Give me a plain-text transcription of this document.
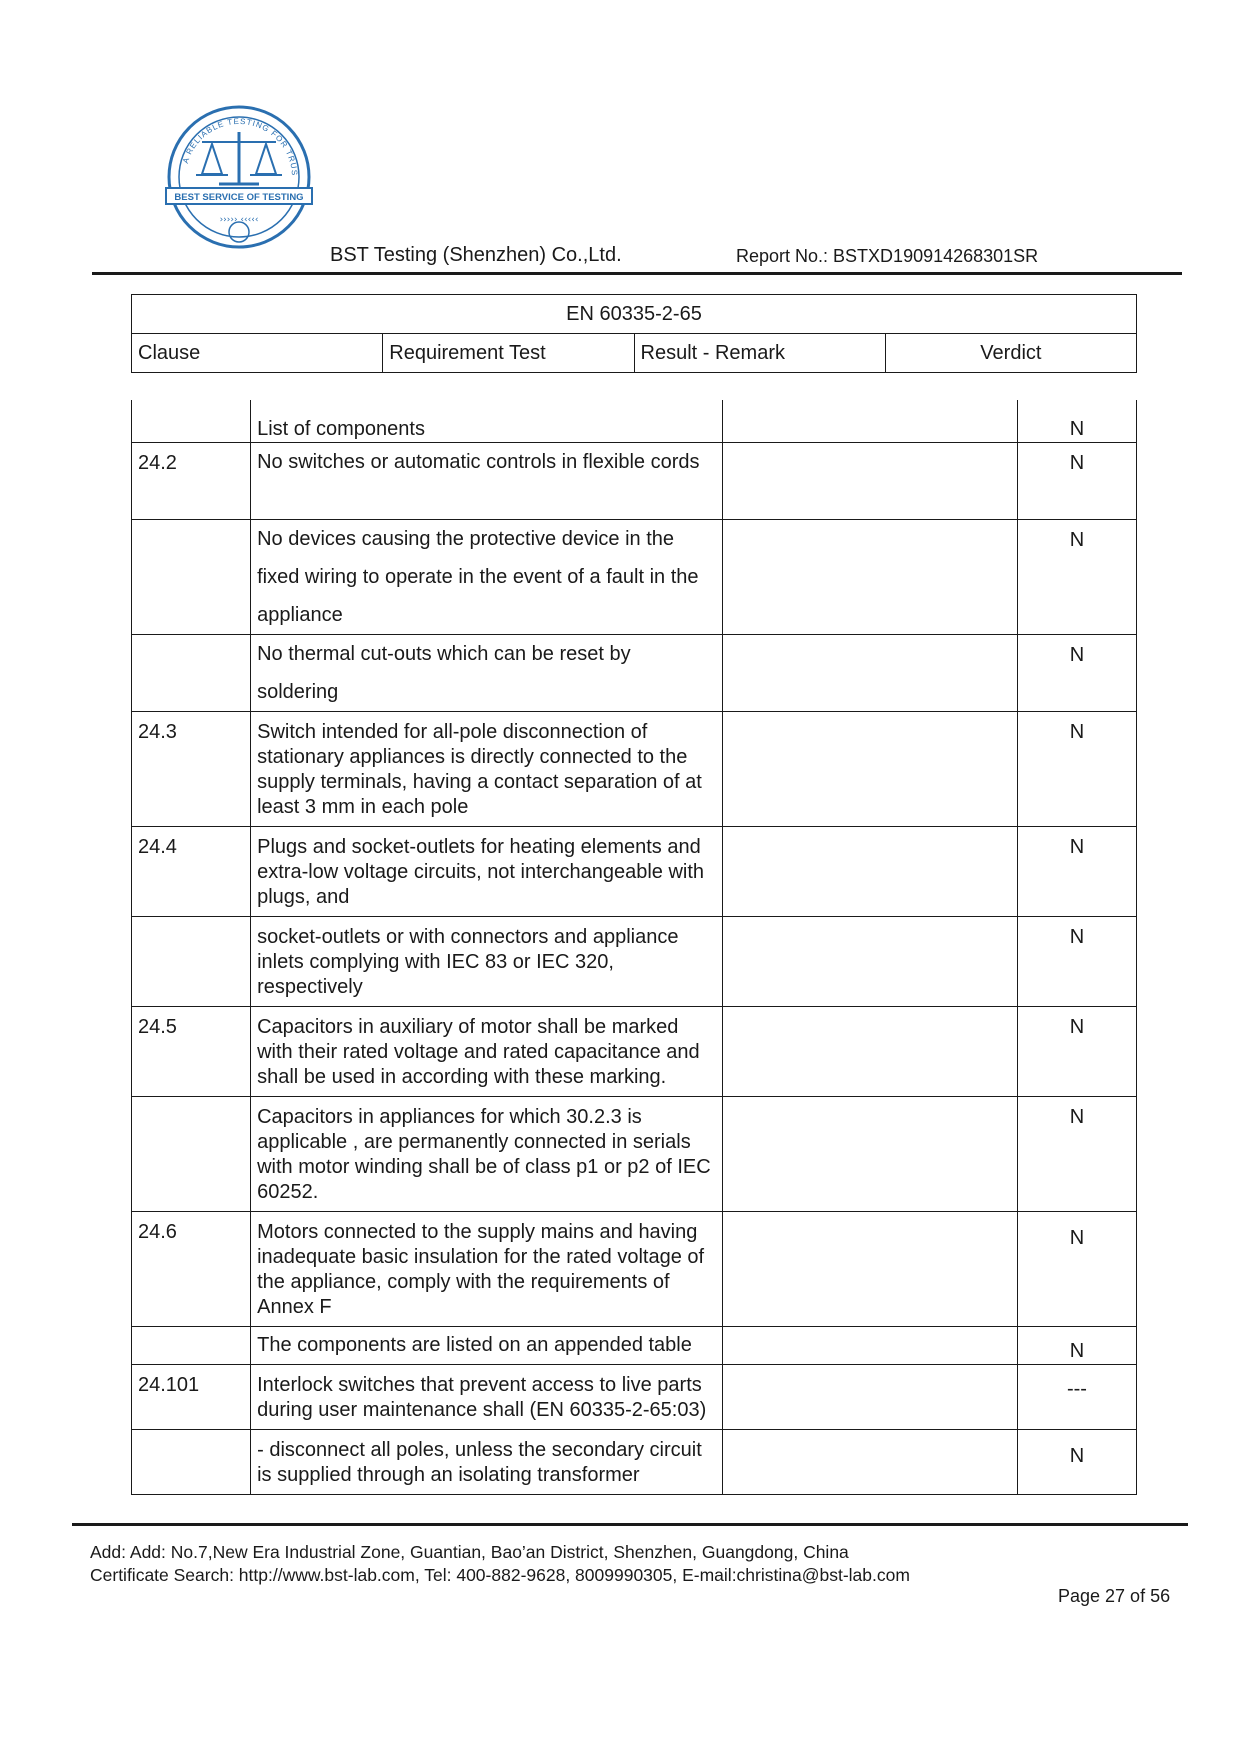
A RELIABLE TESTING FOR TRUS
BEST SERVICE OF TESTING
››››› ‹‹‹‹‹
BST Testing (Shenzhen) Co.,Ltd.	Report No.: BSTXD190914268301SR
EN 60335-2-65
Clause	Requirement Test	Result - Remark	Verdict
	List of components		N
24.2	No switches or automatic controls in flexible cords		N
	No devices causing the protective device in the fixed wiring to operate in the event of a fault in the appliance		N
	No thermal cut-outs which can be reset by soldering		N
24.3	Switch intended for all-pole disconnection of stationary appliances is directly connected to the supply terminals, having a contact separation of at least 3 mm in each pole		N
24.4	Plugs and socket-outlets for heating elements and extra-low voltage circuits, not interchangeable with plugs, and		N
	socket-outlets or with connectors and appliance inlets complying with IEC 83 or IEC 320, respectively		N
24.5	Capacitors in auxiliary of motor shall be marked with their rated voltage and rated capacitance and shall be used in according with these marking.		N
	Capacitors in appliances for which 30.2.3 is applicable , are permanently connected in serials with motor winding shall be of class p1 or p2 of IEC 60252.		N
24.6	Motors connected to the supply mains and having inadequate basic insulation for the rated voltage of the appliance, comply with the requirements of Annex F		N
	The components are listed on an appended table		N
24.101	Interlock switches that prevent access to live parts during user maintenance shall (EN 60335-2-65:03)		---
	- disconnect all poles, unless the secondary circuit is supplied through an isolating transformer		N
Add: Add: No.7,New Era Industrial Zone, Guantian, Bao’an District, Shenzhen, Guangdong, China
Certificate Search: http://www.bst-lab.com, Tel: 400-882-9628, 8009990305, E-mail:christina@bst-lab.com
Page 27 of 56
